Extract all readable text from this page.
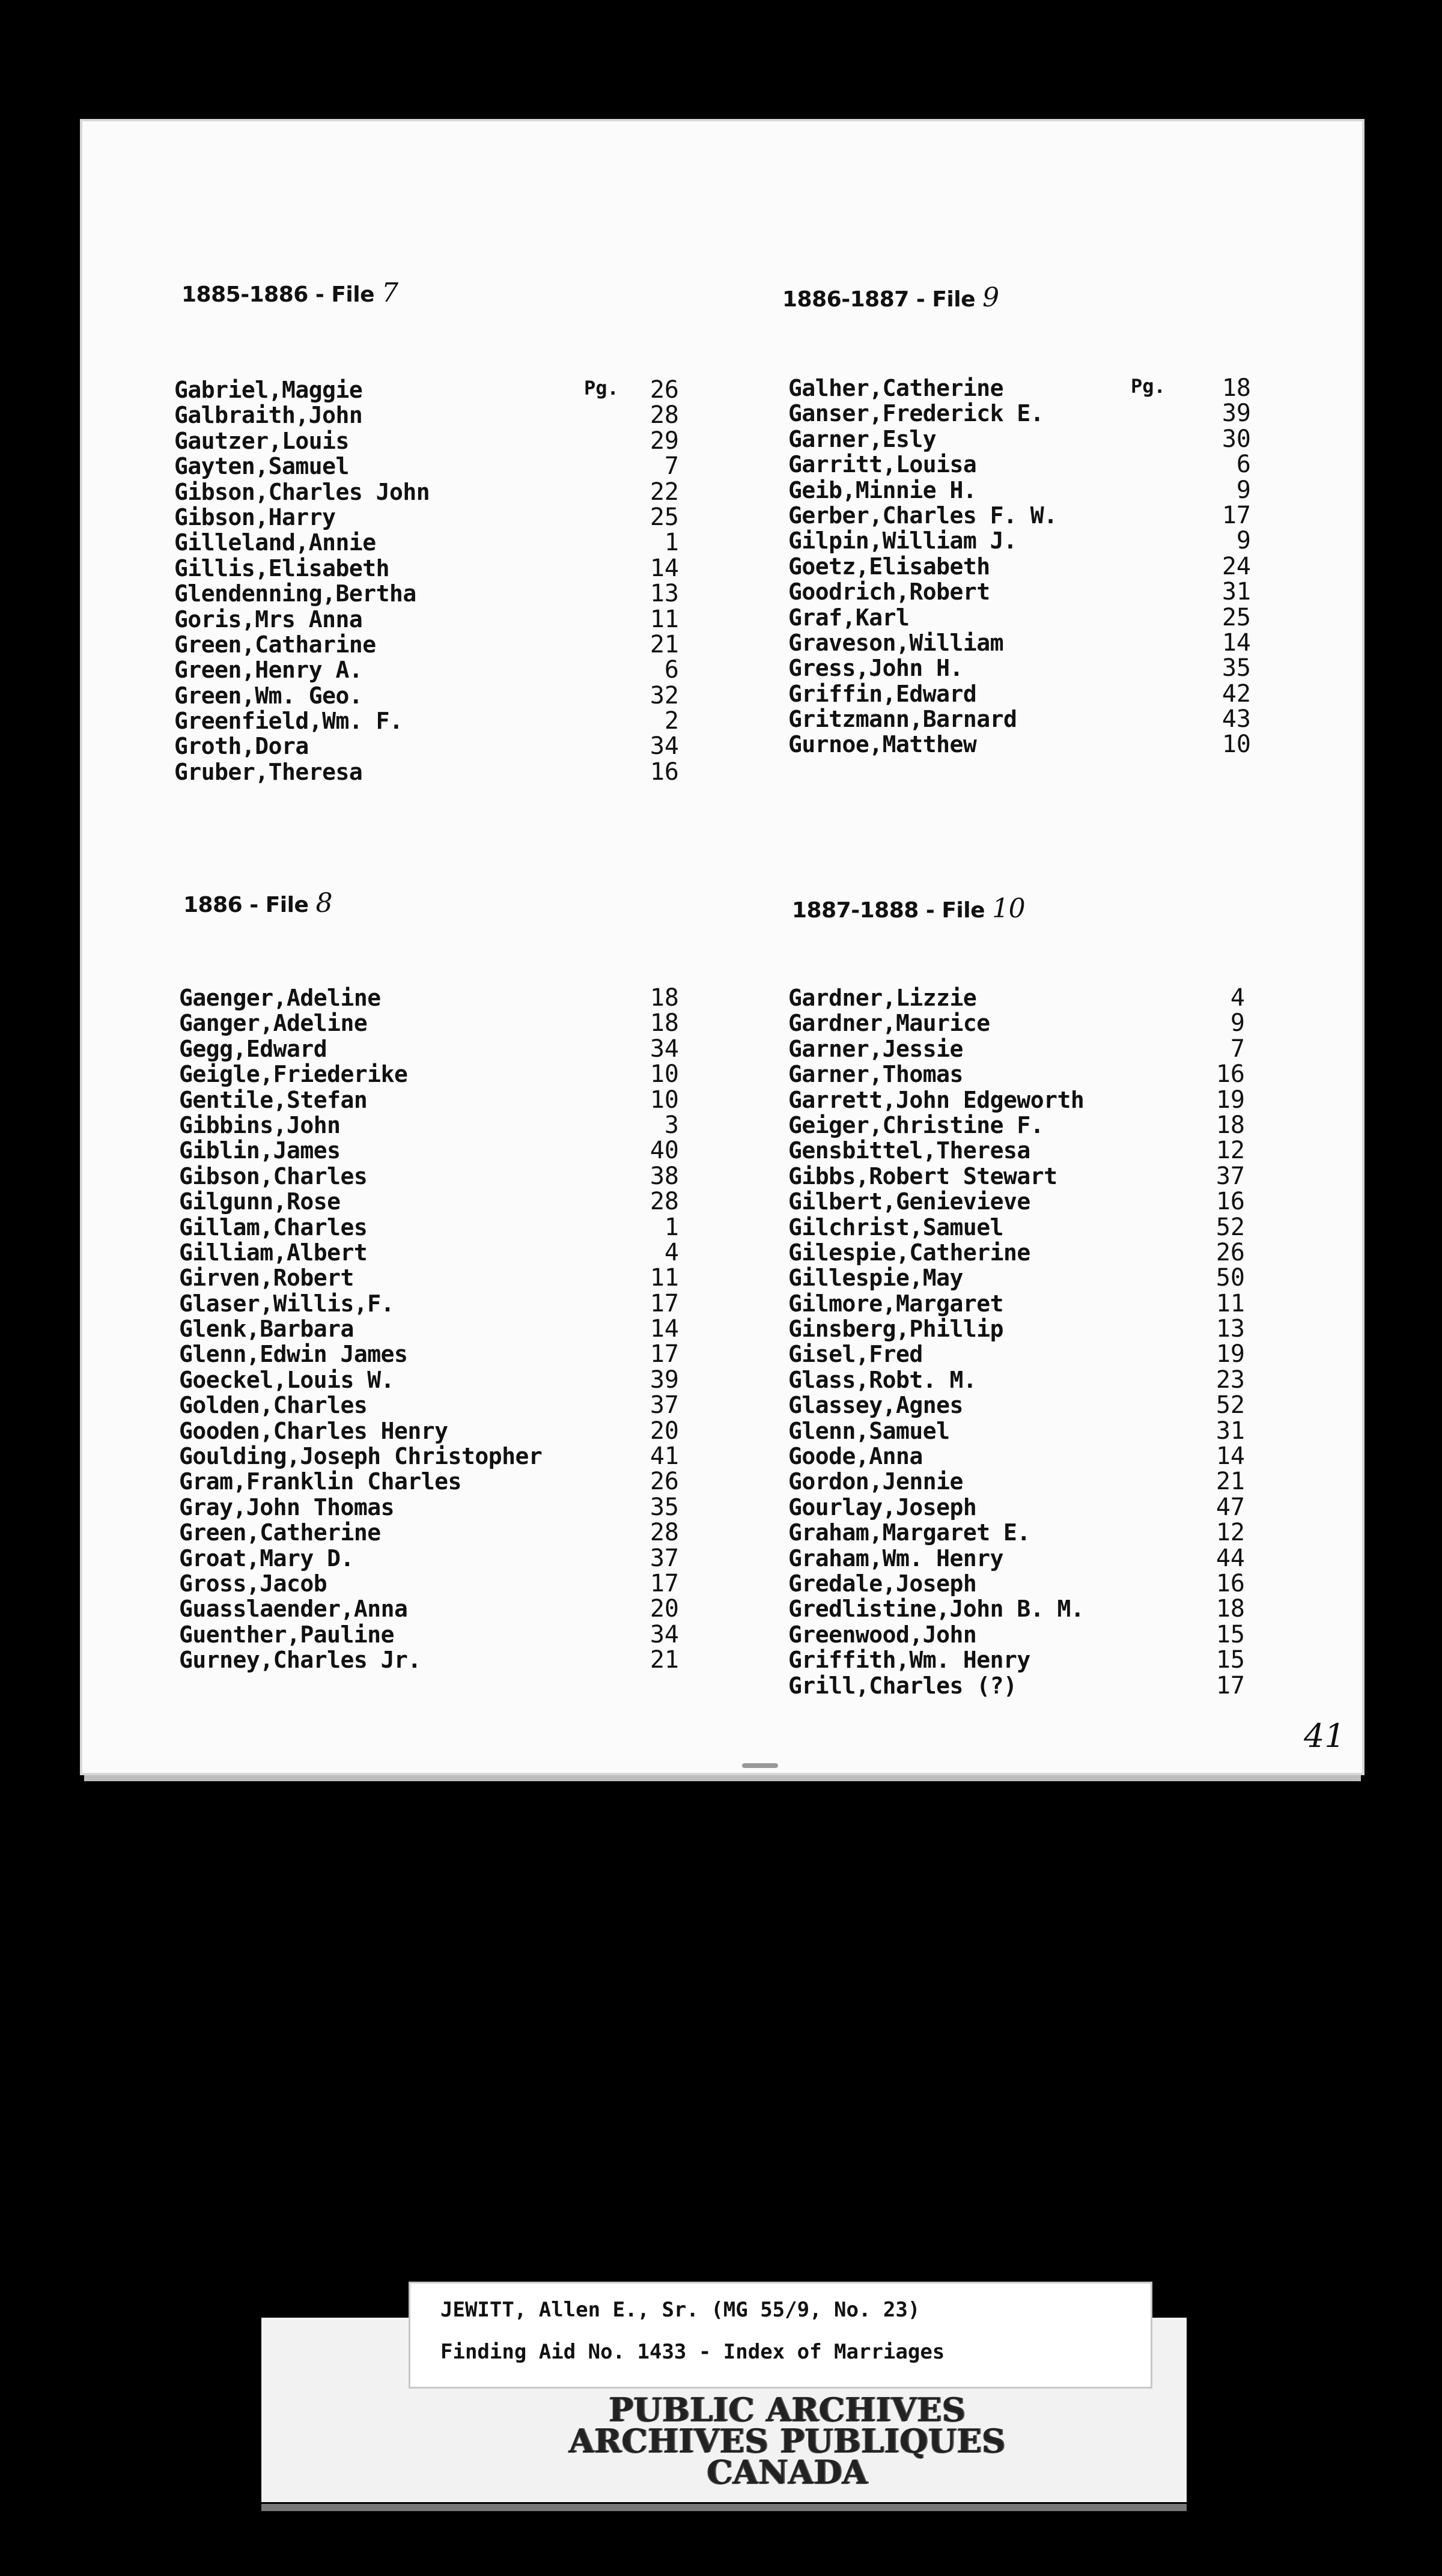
1885-1886 - File 7
Pg.
Gabriel,Maggie	26
Galbraith,John	28
Gautzer,Louis	29
Gayten,Samuel	7
Gibson,Charles John	22
Gibson,Harry	25
Gilleland,Annie	1
Gillis,Elisabeth	14
Glendenning,Bertha	13
Goris,Mrs Anna	11
Green,Catharine	21
Green,Henry A.	6
Green,Wm. Geo.	32
Greenfield,Wm. F.	2
Groth,Dora	34
Gruber,Theresa	16
1886-1887 - File 9
Pg.
Galher,Catherine	18
Ganser,Frederick E.	39
Garner,Esly	30
Garritt,Louisa	6
Geib,Minnie H.	9
Gerber,Charles F. W.	17
Gilpin,William J.	9
Goetz,Elisabeth	24
Goodrich,Robert	31
Graf,Karl	25
Graveson,William	14
Gress,John H.	35
Griffin,Edward	42
Gritzmann,Barnard	43
Gurnoe,Matthew	10
1886 - File 8
Gaenger,Adeline	18
Ganger,Adeline	18
Gegg,Edward	34
Geigle,Friederike	10
Gentile,Stefan	10
Gibbins,John	3
Giblin,James	40
Gibson,Charles	38
Gilgunn,Rose	28
Gillam,Charles	1
Gilliam,Albert	4
Girven,Robert	11
Glaser,Willis,F.	17
Glenk,Barbara	14
Glenn,Edwin James	17
Goeckel,Louis W.	39
Golden,Charles	37
Gooden,Charles Henry	20
Goulding,Joseph Christopher	41
Gram,Franklin Charles	26
Gray,John Thomas	35
Green,Catherine	28
Groat,Mary D.	37
Gross,Jacob	17
Guasslaender,Anna	20
Guenther,Pauline	34
Gurney,Charles Jr.	21
1887-1888 - File 10
Gardner,Lizzie	4
Gardner,Maurice	9
Garner,Jessie	7
Garner,Thomas	16
Garrett,John Edgeworth	19
Geiger,Christine F.	18
Gensbittel,Theresa	12
Gibbs,Robert Stewart	37
Gilbert,Genievieve	16
Gilchrist,Samuel	52
Gilespie,Catherine	26
Gillespie,May	50
Gilmore,Margaret	11
Ginsberg,Phillip	13
Gisel,Fred	19
Glass,Robt. M.	23
Glassey,Agnes	52
Glenn,Samuel	31
Goode,Anna	14
Gordon,Jennie	21
Gourlay,Joseph	47
Graham,Margaret E.	12
Graham,Wm. Henry	44
Gredale,Joseph	16
Gredlistine,John B. M.	18
Greenwood,John	15
Griffith,Wm. Henry	15
Grill,Charles (?)	17
41
JEWITT, Allen E., Sr. (MG 55/9, No. 23)
Finding Aid No. 1433 - Index of Marriages
PUBLIC ARCHIVES
ARCHIVES PUBLIQUES
CANADA
